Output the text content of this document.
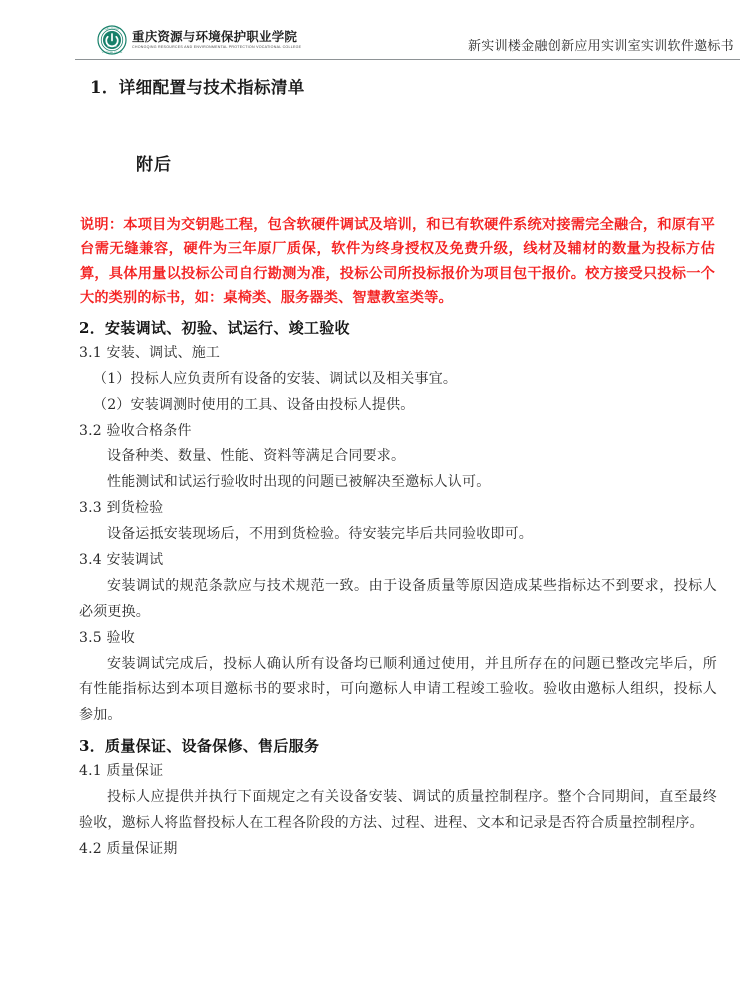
资源与环境保护
VOCATIONAL COLLEGE
重庆资源与环境保护职业学院
CHONGQING RESOURCES AND ENVIRONMENTAL PROTECTION VOCATIONAL COLLEGE	新实训楼金融创新应用实训室实训软件邀标书
1．详细配置与技术指标清单
附后

说明：本项目为交钥匙工程，包含软硬件调试及培训，和已有软硬件系统对接需完全融合，和原有平台需无缝兼容，硬件为三年原厂质保，软件为终身授权及免费升级，线材及辅材的数量为投标方估算，具体用量以投标公司自行勘测为准，投标公司所投标报价为项目包干报价。校方接受只投标一个大的类别的标书，如：桌椅类、服务器类、智慧教室类等。

2．安装调试、初验、试运行、竣工验收
3.1 安装、调试、施工
（1）投标人应负责所有设备的安装、调试以及相关事宜。
（2）安装调测时使用的工具、设备由投标人提供。
3.2 验收合格条件

设备种类、数量、性能、资料等满足合同要求。

性能测试和试运行验收时出现的问题已被解决至邀标人认可。

3.3 到货检验

设备运抵安装现场后，不用到货检验。待安装完毕后共同验收即可。

3.4 安装调试

安装调试的规范条款应与技术规范一致。由于设备质量等原因造成某些指标达不到要求，投标人必须更换。

3.5 验收

安装调试完成后，投标人确认所有设备均已顺利通过使用，并且所存在的问题已整改完毕后，所有性能指标达到本项目邀标书的要求时，可向邀标人申请工程竣工验收。验收由邀标人组织，投标人参加。

3．质量保证、设备保修、售后服务
4.1 质量保证

投标人应提供并执行下面规定之有关设备安装、调试的质量控制程序。整个合同期间，直至最终验收，邀标人将监督投标人在工程各阶段的方法、过程、进程、文本和记录是否符合质量控制程序。

4.2 质量保证期
